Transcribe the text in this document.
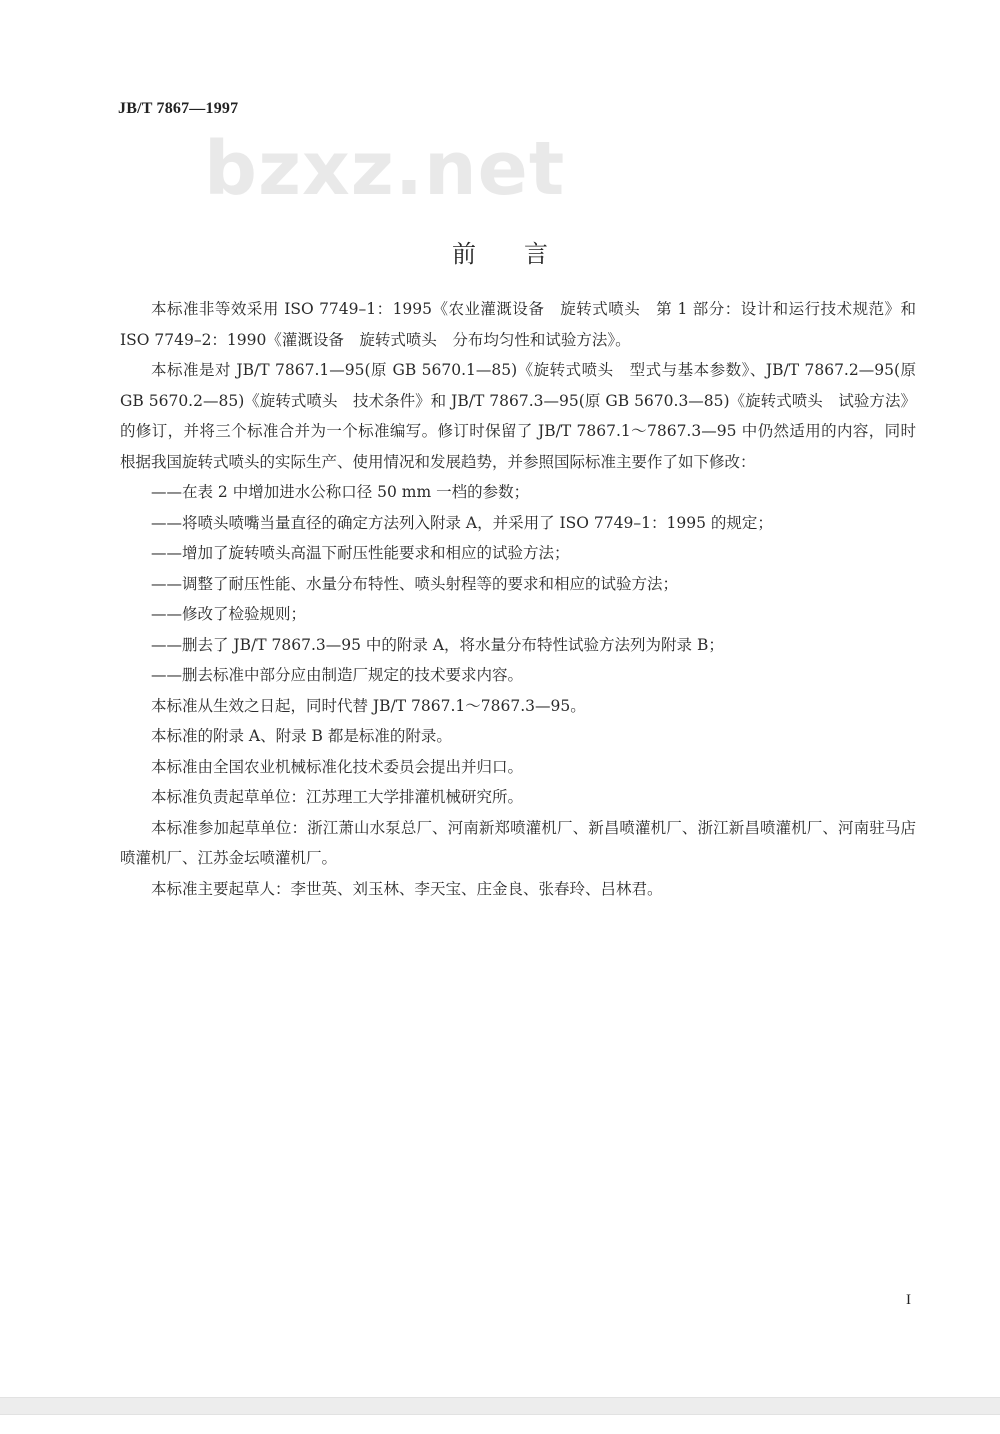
JB/T 7867—1997
bzxz.net
前言

本标准非等效采用 ISO 7749–1：1995《农业灌溉设备　旋转式喷头　第 1 部分：设计和运行技术规范》和 ISO 7749–2：1990《灌溉设备　旋转式喷头　分布均匀性和试验方法》。

本标准是对 JB/T 7867.1—95(原 GB 5670.1—85)《旋转式喷头　型式与基本参数》、JB/T 7867.2—95(原 GB 5670.2—85)《旋转式喷头　技术条件》和 JB/T 7867.3—95(原 GB 5670.3—85)《旋转式喷头　试验方法》的修订，并将三个标准合并为一个标准编写。修订时保留了 JB/T 7867.1～7867.3—95 中仍然适用的内容，同时根据我国旋转式喷头的实际生产、使用情况和发展趋势，并参照国际标准主要作了如下修改：

——在表 2 中增加进水公称口径 50 mm 一档的参数；

——将喷头喷嘴当量直径的确定方法列入附录 A，并采用了 ISO 7749–1：1995 的规定；

——增加了旋转喷头高温下耐压性能要求和相应的试验方法；

——调整了耐压性能、水量分布特性、喷头射程等的要求和相应的试验方法；

——修改了检验规则；

——删去了 JB/T 7867.3—95 中的附录 A，将水量分布特性试验方法列为附录 B；

——删去标准中部分应由制造厂规定的技术要求内容。

本标准从生效之日起，同时代替 JB/T 7867.1～7867.3—95。

本标准的附录 A、附录 B 都是标准的附录。

本标准由全国农业机械标准化技术委员会提出并归口。

本标准负责起草单位：江苏理工大学排灌机械研究所。

本标准参加起草单位：浙江萧山水泵总厂、河南新郑喷灌机厂、新昌喷灌机厂、浙江新昌喷灌机厂、河南驻马店喷灌机厂、江苏金坛喷灌机厂。

本标准主要起草人：李世英、刘玉林、李天宝、庄金良、张春玲、吕林君。

I
